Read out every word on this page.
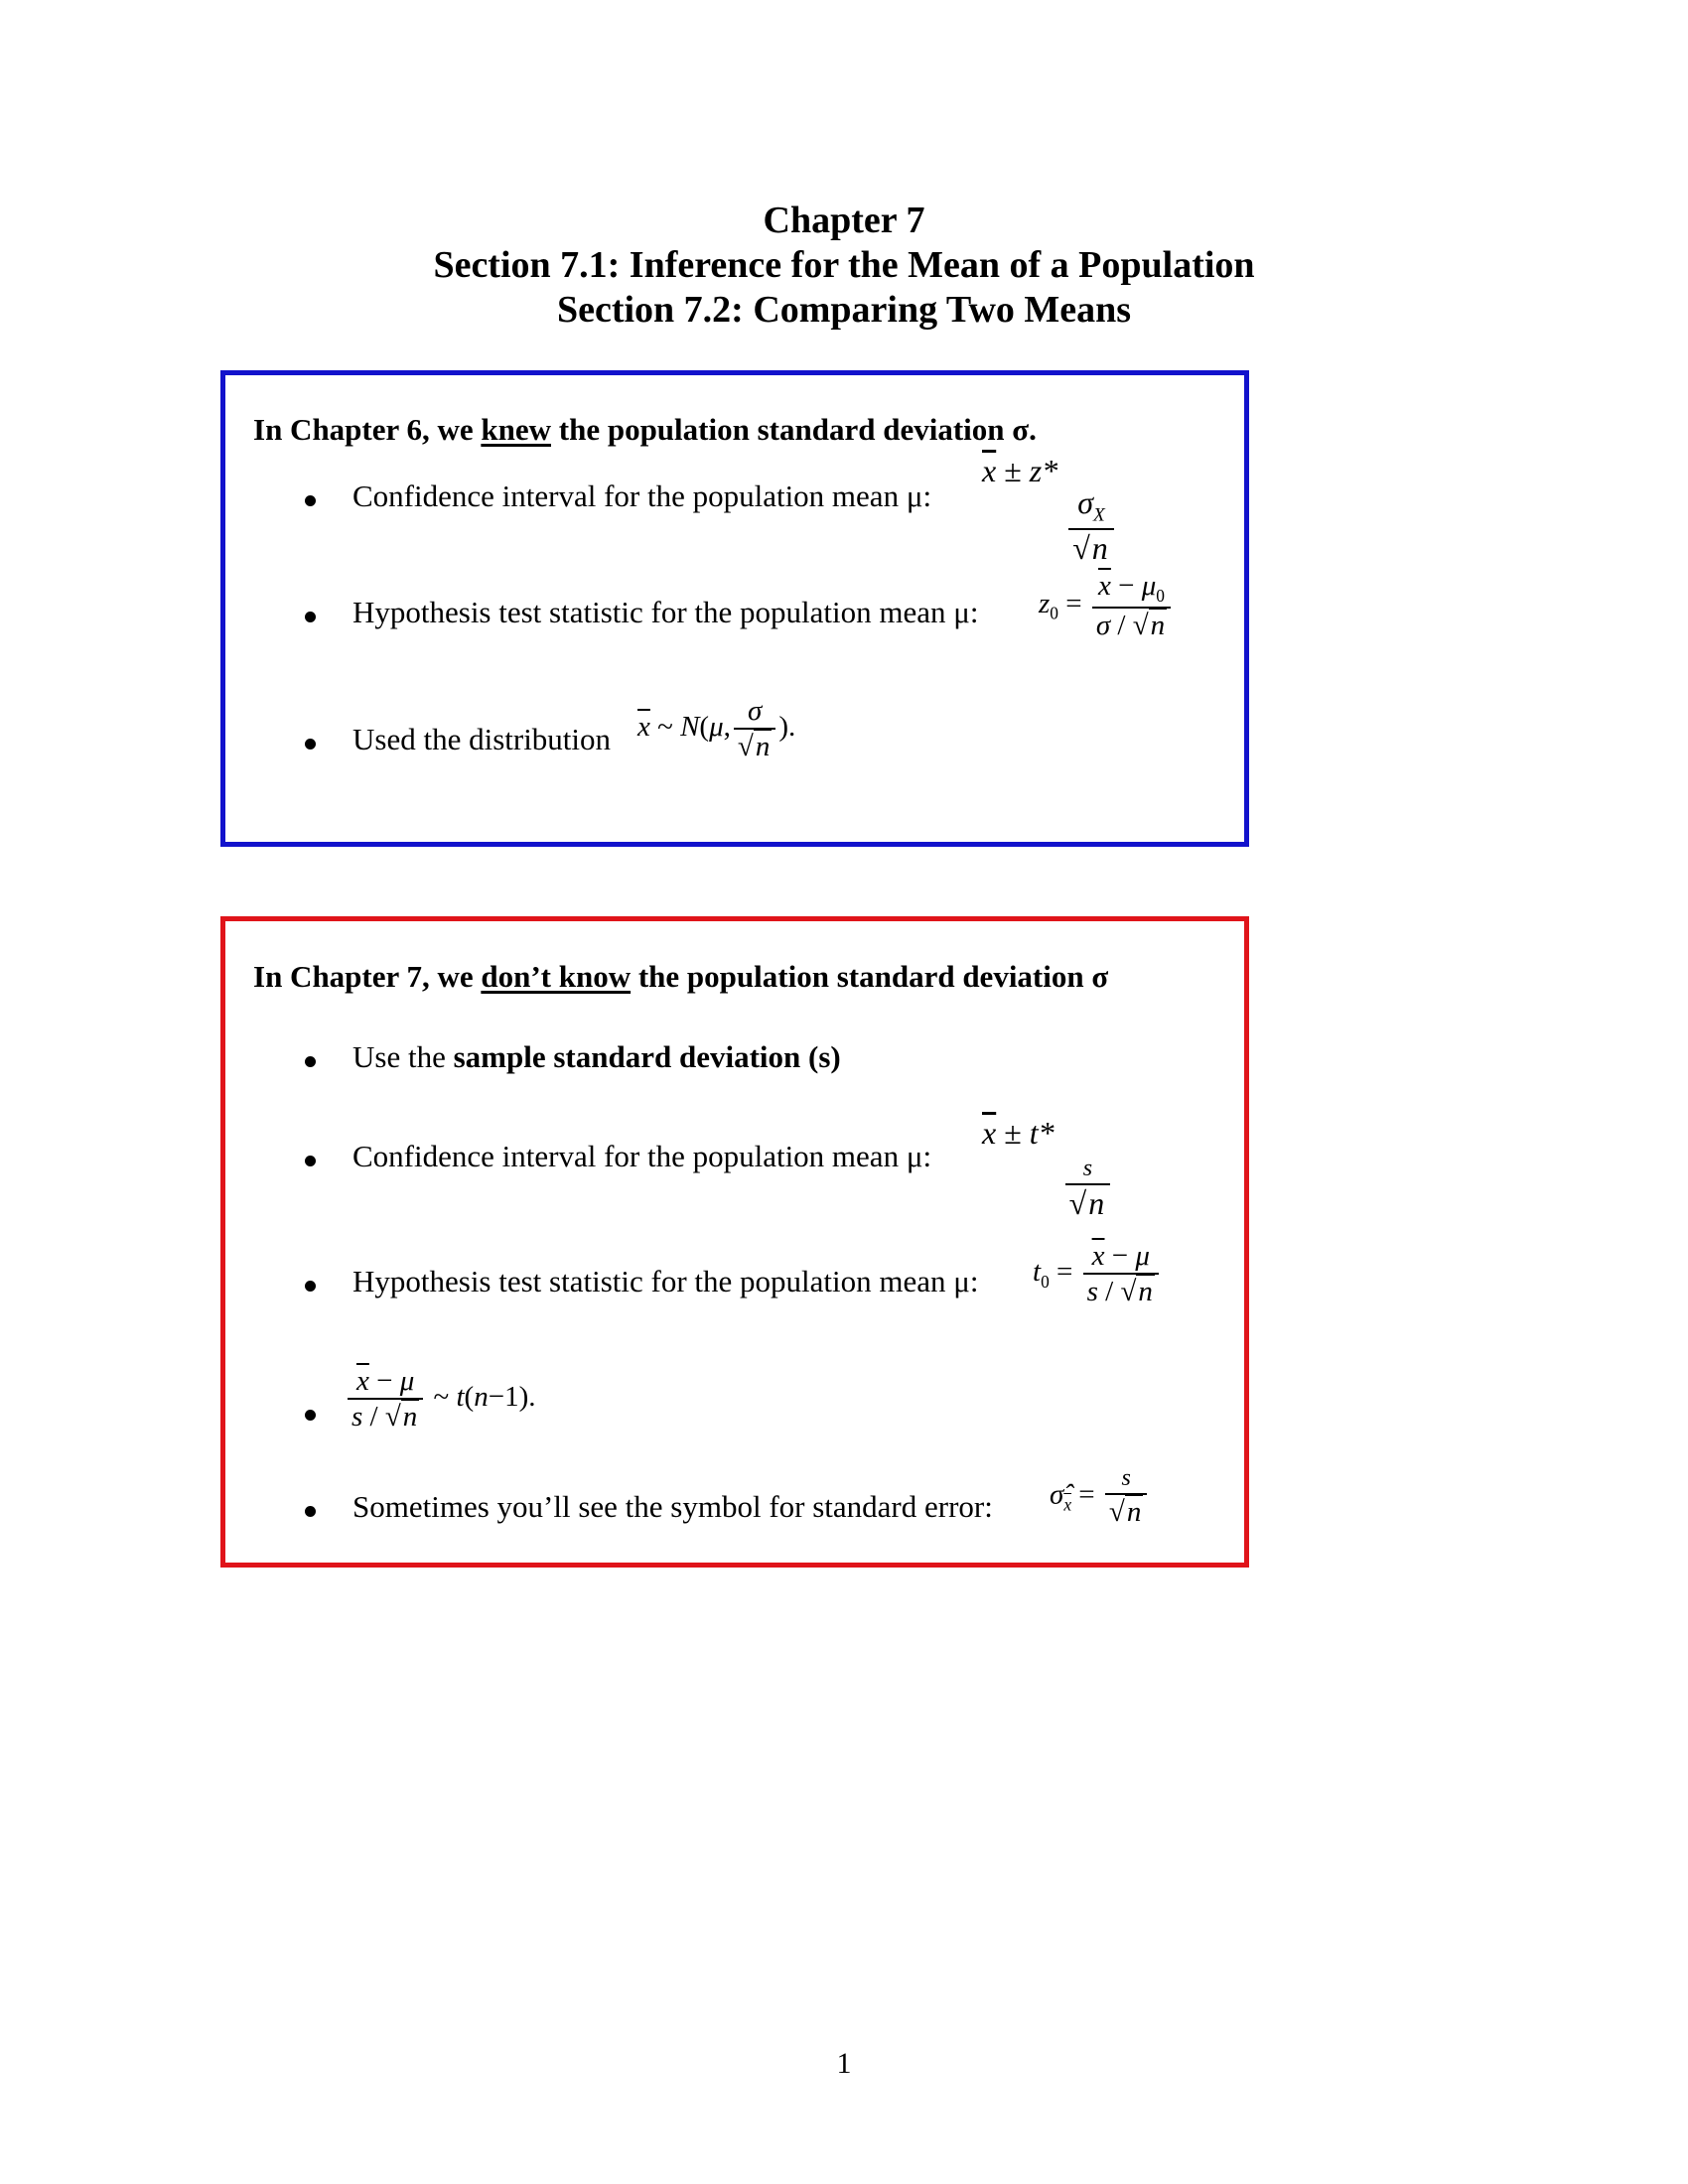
Chapter 7
Section 7.1: Inference for the Mean of a Population
Section 7.2: Comparing Two Means
In Chapter 6, we knew the population standard deviation σ.
Confidence interval for the population mean μ:
$\overline{x} \pm z*$
$\frac{\sigma_X}{√n}$
Hypothesis test statistic for the population mean μ: $z_0 = \frac{\overline{x} - \mu_0}{\sigma / √n}$
Used the distribution $\overline{x}$ ~ N(μ, $\frac{\sigma}{√n}$ ).
In Chapter 7, we don’t know the population standard deviation σ
Use the sample standard deviation (s)
Confidence interval for the population mean μ:
$\overline{x} \pm t*$
$\frac{s}{√n}$
Hypothesis test statistic for the population mean μ: $t_0 = \frac{\overline{x} - \mu}{s / √n}$
$\frac{\overline{x} - \mu}{s / √n}$ ~ t(n−1).
Sometimes you’ll see the symbol for standard error: $\sigmâ_{\overline{x}} = \frac{s}{√n}$
1
